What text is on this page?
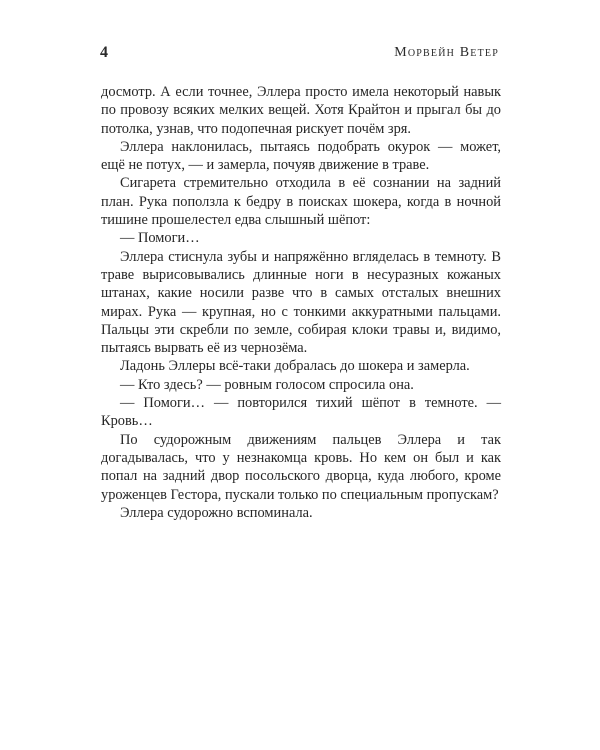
4	Морвейн Ветер

досмотр. А если точнее, Эллера просто имела некоторый навык по провозу всяких мелких вещей. Хотя Крайтон и прыгал бы до потолка, узнав, что подопечная рискует почём зря.

Эллера наклонилась, пытаясь подобрать окурок — может, ещё не потух, — и замерла, почуяв движение в траве.

Сигарета стремительно отходила в её сознании на задний план. Рука поползла к бедру в поисках шокера, когда в ночной тишине прошелестел едва слышный шёпот:

— Помоги…

Эллера стиснула зубы и напряжённо вгляделась в темноту. В траве вырисовывались длинные ноги в несуразных кожаных штанах, какие носили разве что в самых отсталых внешних мирах. Рука — крупная, но с тонкими аккуратными пальцами. Пальцы эти скребли по земле, собирая клоки травы и, видимо, пытаясь вырвать её из чернозёма.

Ладонь Эллеры всё-таки добралась до шокера и замерла.

— Кто здесь? — ровным голосом спросила она.

— Помоги… — повторился тихий шёпот в темноте. — Кровь…

По судорожным движениям пальцев Эллера и так догадывалась, что у незнакомца кровь. Но кем он был и как попал на задний двор посольского дворца, куда любого, кроме уроженцев Гестора, пускали только по специальным пропускам?

Эллера судорожно вспоминала.
